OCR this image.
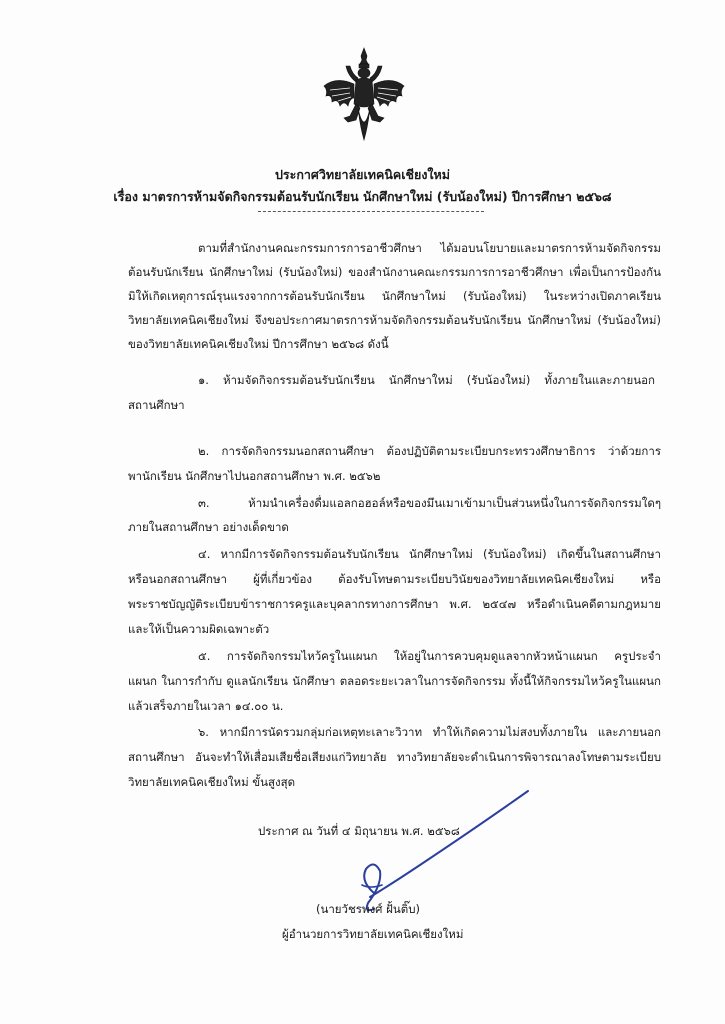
ประกาศวิทยาลัยเทคนิคเชียงใหม่
เรื่อง มาตรการห้ามจัดกิจกรรมต้อนรับนักเรียน นักศึกษาใหม่ (รับน้องใหม่) ปีการศึกษา ๒๕๖๘
ตามที่สำนักงานคณะกรรมการการอาชีวศึกษา ได้มอบนโยบายและมาตรการห้ามจัดกิจกรรม
ต้อนรับนักเรียน นักศึกษาใหม่ (รับน้องใหม่) ของสำนักงานคณะกรรมการการอาชีวศึกษา เพื่อเป็นการป้องกัน
มิให้เกิดเหตุการณ์รุนแรงจากการต้อนรับนักเรียน นักศึกษาใหม่ (รับน้องใหม่) ในระหว่างเปิดภาคเรียน
วิทยาลัยเทคนิคเชียงใหม่ จึงขอประกาศมาตรการห้ามจัดกิจกรรมต้อนรับนักเรียน นักศึกษาใหม่ (รับน้องใหม่)
ของวิทยาลัยเทคนิคเชียงใหม่ ปีการศึกษา ๒๕๖๘ ดังนี้
๑. ห้ามจัดกิจกรรมต้อนรับนักเรียน นักศึกษาใหม่ (รับน้องใหม่) ทั้งภายในและภายนอก
สถานศึกษา
๒. การจัดกิจกรรมนอกสถานศึกษา ต้องปฏิบัติตามระเบียบกระทรวงศึกษาธิการ ว่าด้วยการ
พานักเรียน นักศึกษาไปนอกสถานศึกษา พ.ศ. ๒๕๖๒
๓. ห้ามนำเครื่องดื่มแอลกอฮอล์หรือของมึนเมาเข้ามาเป็นส่วนหนึ่งในการจัดกิจกรรมใดๆ
ภายในสถานศึกษา อย่างเด็ดขาด
๔. หากมีการจัดกิจกรรมต้อนรับนักเรียน นักศึกษาใหม่ (รับน้องใหม่) เกิดขึ้นในสถานศึกษา
หรือนอกสถานศึกษา ผู้ที่เกี่ยวข้อง ต้องรับโทษตามระเบียบวินัยของวิทยาลัยเทคนิคเชียงใหม่ หรือ
พระราชบัญญัติระเบียบข้าราชการครูและบุคลากรทางการศึกษา พ.ศ. ๒๕๔๗ หรือดำเนินคดีตามกฎหมาย
และให้เป็นความผิดเฉพาะตัว
๕. การจัดกิจกรรมไหว้ครูในแผนก ให้อยู่ในการควบคุมดูแลจากหัวหน้าแผนก ครูประจำ
แผนก ในการกำกับ ดูแลนักเรียน นักศึกษา ตลอดระยะเวลาในการจัดกิจกรรม ทั้งนี้ให้กิจกรรมไหว้ครูในแผนก
แล้วเสร็จภายในเวลา ๑๔.๐๐ น.
๖. หากมีการนัดรวมกลุ่มก่อเหตุทะเลาะวิวาท ทำให้เกิดความไม่สงบทั้งภายใน และภายนอก
สถานศึกษา อันจะทำให้เสื่อมเสียชื่อเสียงแก่วิทยาลัย ทางวิทยาลัยจะดำเนินการพิจารณาลงโทษตามระเบียบ
วิทยาลัยเทคนิคเชียงใหม่ ขั้นสูงสุด
ประกาศ ณ วันที่ ๔ มิถุนายน พ.ศ. ๒๕๖๘
(นายวัชรพงศ์ ฝั้นติ๊บ)
ผู้อำนวยการวิทยาลัยเทคนิคเชียงใหม่
